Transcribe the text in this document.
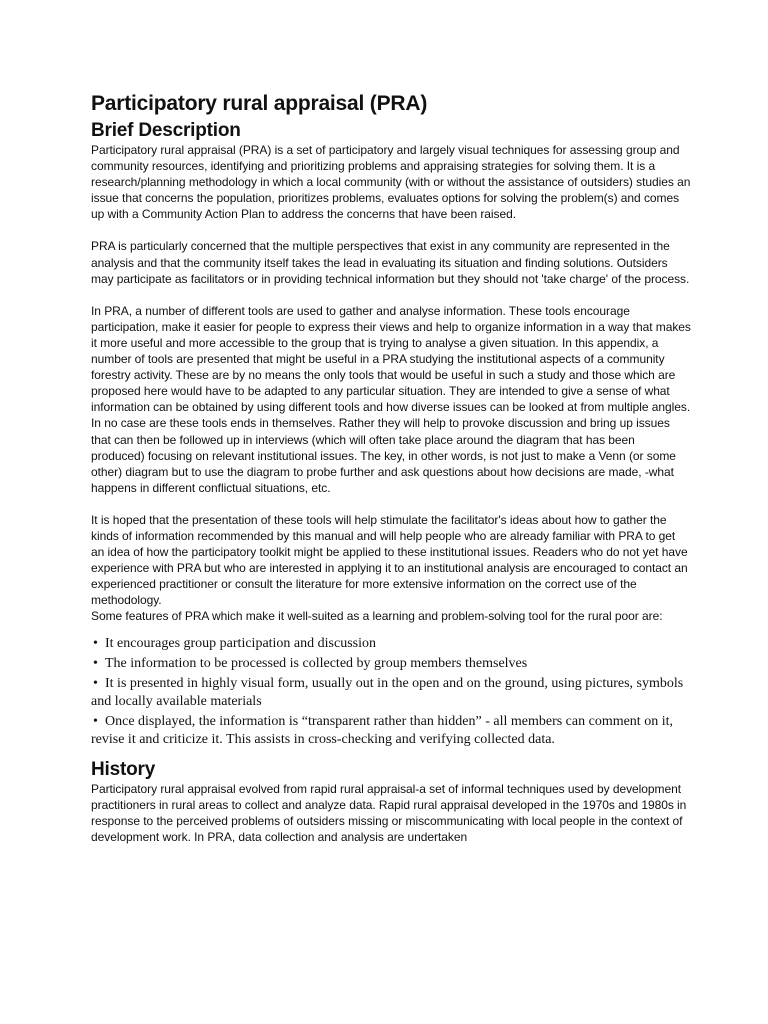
Participatory rural appraisal (PRA)
Brief Description

Participatory rural appraisal (PRA) is a set of participatory and largely visual techniques for assessing group and community resources, identifying and prioritizing problems and appraising strategies for solving them. It is a research/planning methodology in which a local community (with or without the assistance of outsiders) studies an issue that concerns the population, prioritizes problems, evaluates options for solving the problem(s) and comes up with a Community Action Plan to address the concerns that have been raised.

PRA is particularly concerned that the multiple perspectives that exist in any community are represented in the analysis and that the community itself takes the lead in evaluating its situation and finding solutions. Outsiders may participate as facilitators or in providing technical information but they should not 'take charge' of the process.

In PRA, a number of different tools are used to gather and analyse information. These tools encourage participation, make it easier for people to express their views and help to organize information in a way that makes it more useful and more accessible to the group that is trying to analyse a given situation. In this appendix, a number of tools are presented that might be useful in a PRA studying the institutional aspects of a community forestry activity. These are by no means the only tools that would be useful in such a study and those which are proposed here would have to be adapted to any particular situation. They are intended to give a sense of what information can be obtained by using different tools and how diverse issues can be looked at from multiple angles. In no case are these tools ends in themselves. Rather they will help to provoke discussion and bring up issues that can then be followed up in interviews (which will often take place around the diagram that has been produced) focusing on relevant institutional issues. The key, in other words, is not just to make a Venn (or some other) diagram but to use the diagram to probe further and ask questions about how decisions are made, -what happens in different conflictual situations, etc.

It is hoped that the presentation of these tools will help stimulate the facilitator's ideas about how to gather the kinds of information recommended by this manual and will help people who are already familiar with PRA to get an idea of how the participatory toolkit might be applied to these institutional issues. Readers who do not yet have experience with PRA but who are interested in applying it to an institutional analysis are encouraged to contact an experienced practitioner or consult the literature for more extensive information on the correct use of the methodology.

Some features of PRA which make it well-suited as a learning and problem-solving tool for the rural poor are:

• It encourages group participation and discussion
• The information to be processed is collected by group members themselves
• It is presented in highly visual form, usually out in the open and on the ground, using pictures, symbols and locally available materials
• Once displayed, the information is “transparent rather than hidden” - all members can comment on it, revise it and criticize it. This assists in cross-checking and verifying collected data.
History

Participatory rural appraisal evolved from rapid rural appraisal-a set of informal techniques used by development practitioners in rural areas to collect and analyze data. Rapid rural appraisal developed in the 1970s and 1980s in response to the perceived problems of outsiders missing or miscommunicating with local people in the context of development work. In PRA, data collection and analysis are undertaken
